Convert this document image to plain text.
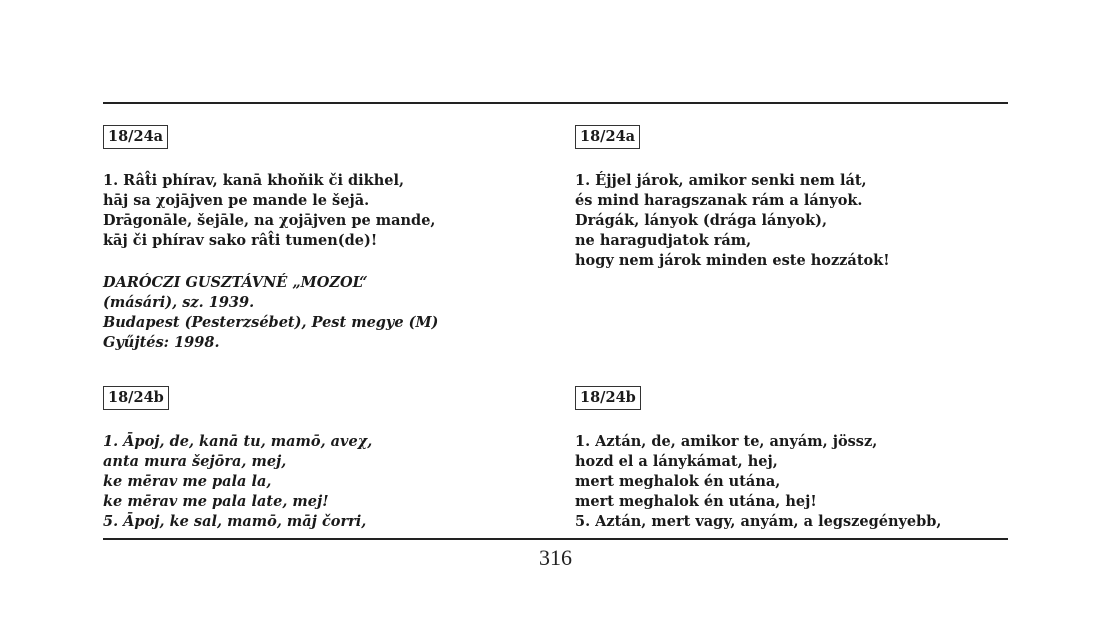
18/24a
1. Rât̂i phírav, kanā khoňik či dikhel,
hāj sa χojājven pe mande le šejā.
Drāgonāle, šejāle, na χojājven pe mande,
kāj či phírav sako rât̂i tumen(de)!
DARÓCZI GUSZTÁVNÉ „MOZOL“
(másári), sz. 1939.
Budapest (Pesterzsébet), Pest megye (M)
Gyűjtés: 1998.
18/24a
1. Éjjel járok, amikor senki nem lát,
és mind haragszanak rám a lányok.
Drágák, lányok (drága lányok),
ne haragudjatok rám,
hogy nem járok minden este hozzátok!
18/24b
1. Āpoj, de, kanā tu, mamō, aveχ,
anta mura šejōra, mej,
ke mērav me pala la,
ke mērav me pala late, mej!
5. Āpoj, ke sal, mamō, māj čorri,
18/24b
1. Aztán, de, amikor te, anyám, jössz,
hozd el a lánykámat, hej,
mert meghalok én utána,
mert meghalok én utána, hej!
5. Aztán, mert vagy, anyám, a legszegényebb,
316
